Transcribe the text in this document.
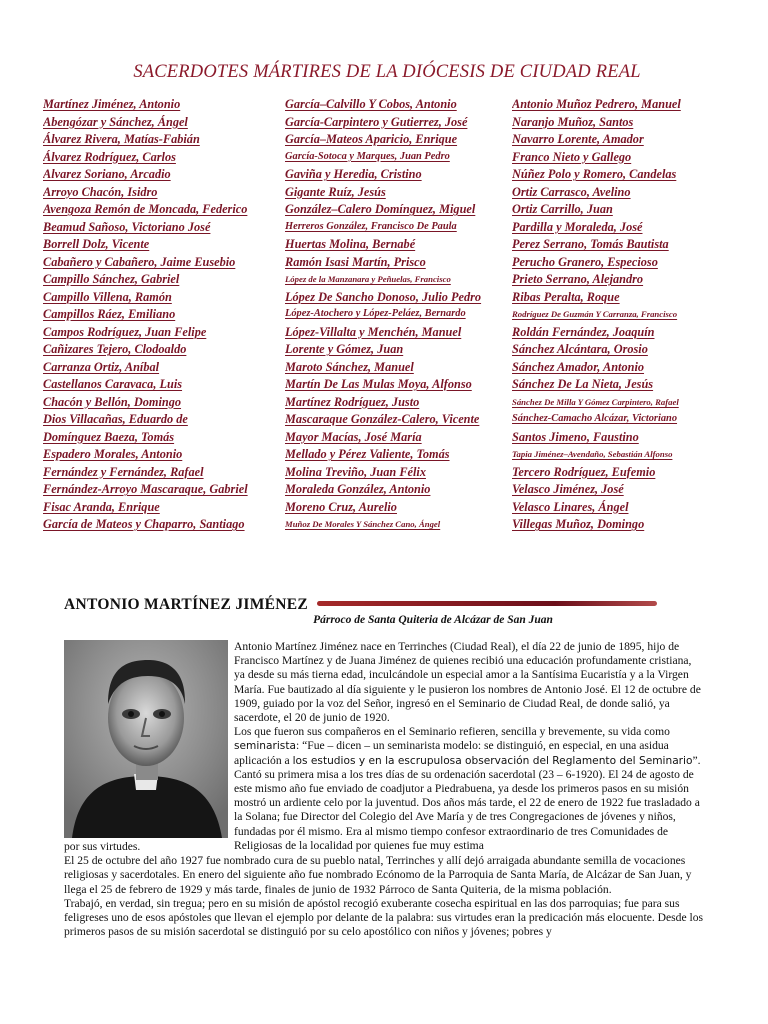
SACERDOTES MÁRTIRES DE LA DIÓCESIS DE CIUDAD REAL
Martínez Jiménez, Antonio
Abengózar y Sánchez, Ángel
Álvarez Rivera, Matías-Fabián
Álvarez Rodríguez, Carlos
Alvarez Soriano, Arcadio
Arroyo Chacón, Isidro
Avengoza Remón de Moncada, Federico
Beamud Sañoso, Victoriano José
Borrell Dolz, Vicente
Cabañero y Cabañero, Jaime Eusebio
Campillo Sánchez, Gabriel
Campillo Villena, Ramón
Campillos Ráez, Emiliano
Campos Rodríguez, Juan Felipe
Cañizares Tejero, Clodoaldo
Carranza Ortiz, Aníbal
Castellanos Caravaca, Luis
Chacón y Bellón, Domingo
Dios Villacañas, Eduardo de
Domínguez Baeza, Tomás
Espadero Morales, Antonio
Fernández y Fernández, Rafael
Fernández-Arroyo Mascaraque, Gabriel
Fisac Aranda, Enrique
García de Mateos y Chaparro, Santiago
García–Calvillo Y Cobos, Antonio
García-Carpintero y Gutierrez, José
García–Mateos Aparicio, Enrique
García-Sotoca y Marques, Juan Pedro
Gaviña y Heredia, Cristino
Gigante Ruíz, Jesús
González–Calero Domínguez, Miguel
Herreros González, Francisco De Paula
Huertas Molina, Bernabé
Ramón Isasi Martín, Prisco
López de la Manzanara y Peñuelas, Francisco
López De Sancho Donoso, Julio Pedro
López-Atochero y López-Peláez, Bernardo
López-Villalta y Menchén, Manuel
Lorente y Gómez, Juan
Maroto Sánchez, Manuel
Martín De Las Mulas Moya, Alfonso
Martínez Rodríguez, Justo
Mascaraque González-Calero, Vicente
Mayor Macías, José María
Mellado y Pérez Valiente, Tomás
Molina Treviño, Juan Félix
Moraleda González, Antonio
Moreno Cruz, Aurelio
Muñoz De Morales Y Sánchez Cano, Ángel
Antonio Muñoz Pedrero, Manuel
Naranjo Muñoz, Santos
Navarro Lorente, Amador
Franco Nieto y Gallego
Núñez Polo y Romero, Candelas
Ortiz Carrasco, Avelino
Ortiz Carrillo, Juan
Pardilla y Moraleda, José
Perez Serrano, Tomás Bautista
Perucho Granero, Especioso
Prieto Serrano, Alejandro
Ribas Peralta, Roque
Rodríguez De Guzmán Y Carranza, Francisco
Roldán Fernández, Joaquín
Sánchez Alcántara, Orosio
Sánchez Amador, Antonio
Sánchez De La Nieta, Jesús
Sánchez De Milla Y Gómez Carpintero, Rafael
Sánchez-Camacho Alcázar, Victoriano
Santos Jimeno, Faustino
Tapia Jiménez–Avendaño, Sebastián Alfonso
Tercero Rodríguez, Eufemio
Velasco Jiménez, José
Velasco Linares, Ángel
Villegas Muñoz, Domingo
ANTONIO MARTÍNEZ JIMÉNEZ
Párroco de Santa Quiteria de Alcázar de San Juan

Antonio Martínez Jiménez nace en Terrinches (Ciudad Real), el día 22 de junio de 1895, hijo de Francisco Martínez y de Juana Jiménez de quienes recibió una educación profundamente cristiana, ya desde su más tierna edad, inculcándole un especial amor a la Santísima Eucaristía y a la Virgen María. Fue bautizado al día siguiente y le pusieron los nombres de Antonio José. El 12 de octubre de 1909, guiado por la voz del Señor, ingresó en el Seminario de Ciudad Real, de donde salió, ya sacerdote, el 20 de junio de 1920.

Los que fueron sus compañeros en el Seminario refieren, sencilla y brevemente, su vida como seminarista: “Fue – dicen – un seminarista modelo: se distinguió, en especial, en una asidua aplicación a los estudios y en la escrupulosa observación del Reglamento del Seminario”.

Cantó su primera misa a los tres días de su ordenación sacerdotal (23 – 6-1920). El 24 de agosto de este mismo año fue enviado de coadjutor a Piedrabuena, ya desde los primeros pasos en su misión mostró un ardiente celo por la juventud. Dos años más tarde, el 22 de enero de 1922 fue trasladado a la Solana; fue Director del Colegio del Ave María y de tres Congregaciones de jóvenes y niños, fundadas por él mismo. Era al mismo tiempo confesor extraordinario de tres Comunidades de Religiosas de la localidad por quienes fue muy estima

por sus virtudes.

El 25 de octubre del año 1927 fue nombrado cura de su pueblo natal, Terrinches y allí dejó arraigada abundante semilla de vocaciones religiosas y sacerdotales. En enero del siguiente año fue nombrado Ecónomo de la Parroquia de Santa María, de Alcázar de San Juan, y llega el 25 de febrero de 1929 y más tarde, finales de junio de 1932 Párroco de Santa Quiteria, de la misma población.

Trabajó, en verdad, sin tregua; pero en su misión de apóstol recogió exuberante cosecha espiritual en las dos parroquias; fue para sus feligreses uno de esos apóstoles que llevan el ejemplo por delante de la palabra: sus virtudes eran la predicación más elocuente. Desde los primeros pasos de su misión sacerdotal se distinguió por su celo apostólico con niños y jóvenes; pobres y
